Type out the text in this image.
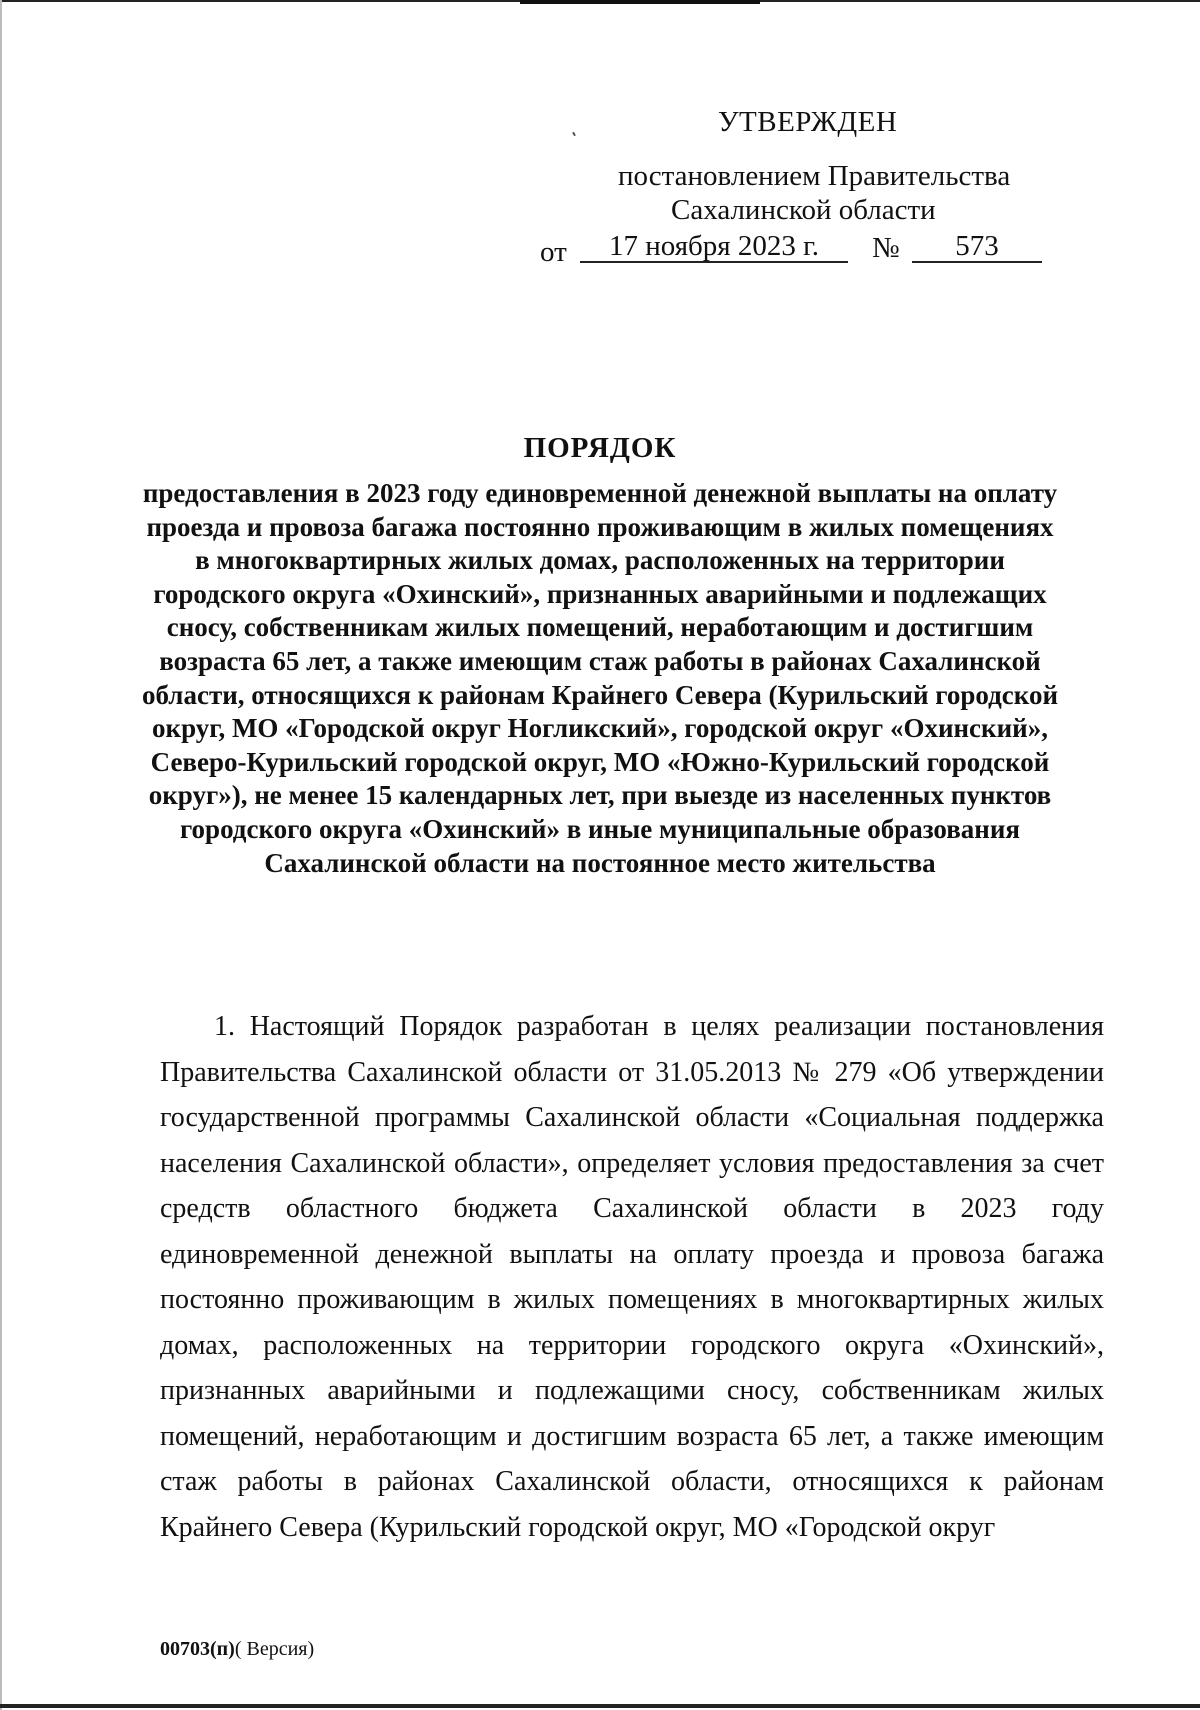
УТВЕРЖДЕН
постановлением Правительства
Сахалинской области
от	17 ноября 2023 г.	№	573
ПОРЯДОК
предоставления в 2023 году единовременной денежной выплаты на оплату проезда и провоза багажа постоянно проживающим в жилых помещениях в многоквартирных жилых домах, расположенных на территории городского округа «Охинский», признанных аварийными и подлежащих сносу, собственникам жилых помещений, неработающим и достигшим возраста 65 лет, а также имеющим стаж работы в районах Сахалинской области, относящихся к районам Крайнего Севера (Курильский городской округ, МО «Городской округ Ногликский», городской округ «Охинский», Северо-Курильский городской округ, МО «Южно-Курильский городской округ»), не менее 15 календарных лет, при выезде из населенных пунктов городского округа «Охинский» в иные муниципальные образования Сахалинской области на постоянное место жительства

1. Настоящий Порядок разработан в целях реализации постановления Правительства Сахалинской области от 31.05.2013 № 279 «Об утверждении государственной программы Сахалинской области «Социальная поддержка населения Сахалинской области», определяет условия предоставления за счет средств областного бюджета Сахалинской области в 2023 году единовременной денежной выплаты на оплату проезда и провоза багажа постоянно проживающим в жилых помещениях в многоквартирных жилых домах, расположенных на территории городского округа «Охинский», признанных аварийными и подлежащими сносу, собственникам жилых помещений, неработающим и достигшим возраста 65 лет, а также имеющим стаж работы в районах Сахалинской области, относящихся к районам Крайнего Севера (Курильский городской округ, МО «Городской округ

00703(п)( Версия)
